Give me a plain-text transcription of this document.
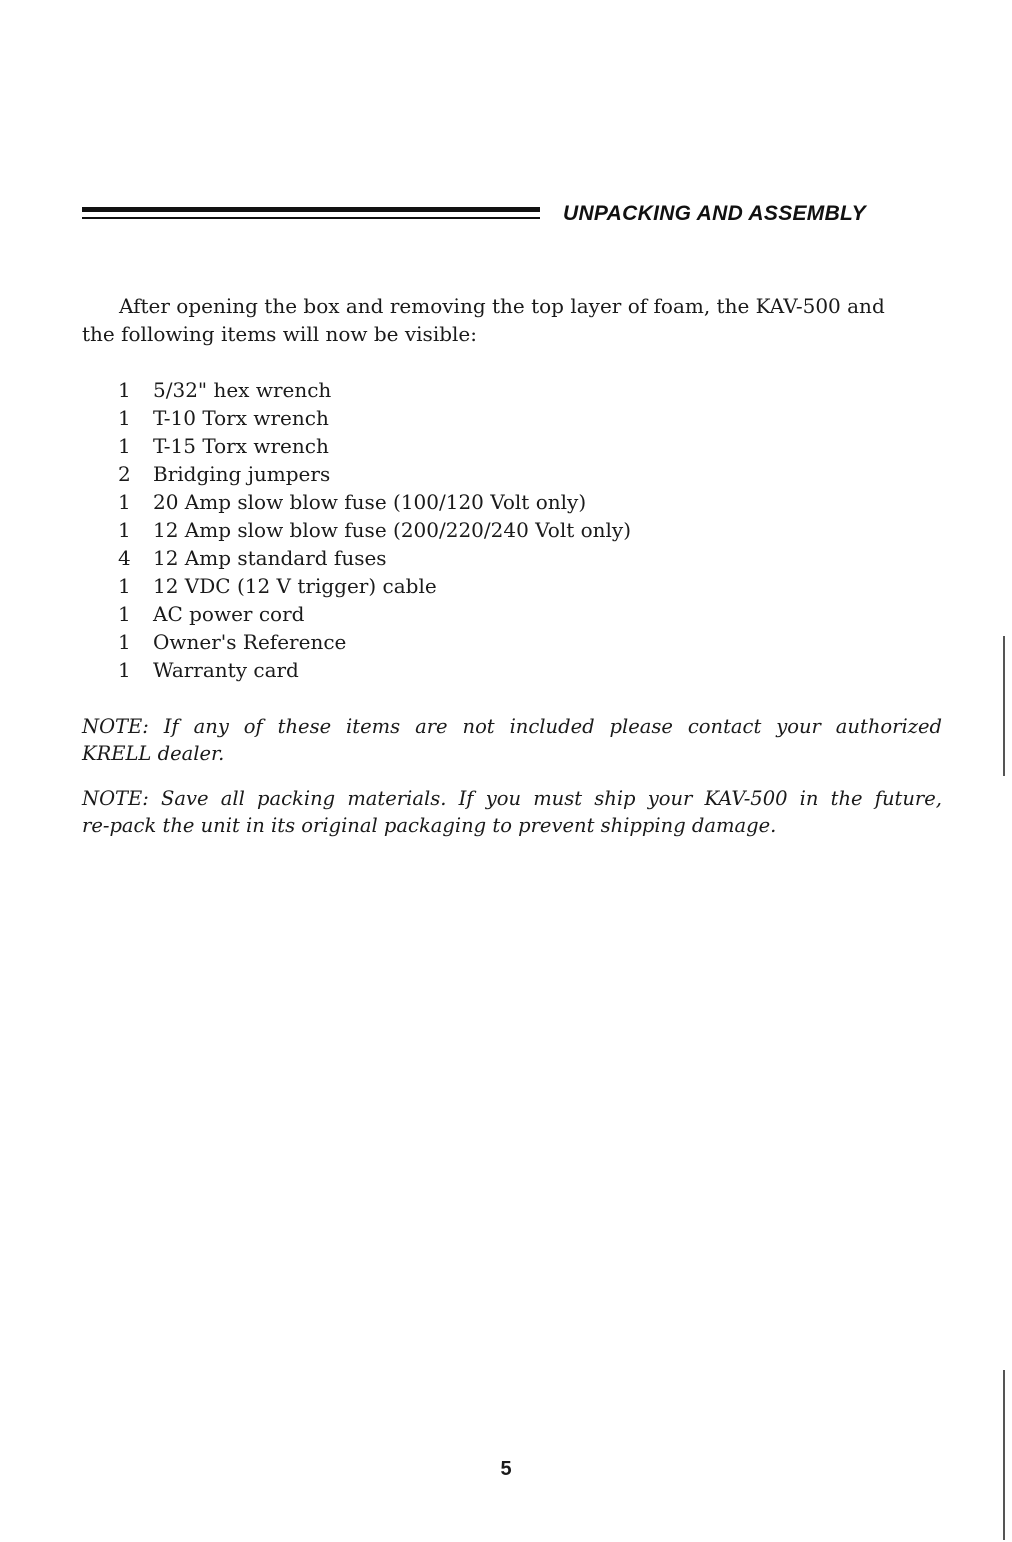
UNPACKING AND ASSEMBLY
After opening the box and removing the top layer of foam, the KAV-500 and
the following items will now be visible:
1 5/32" hex wrench
1 T-10 Torx wrench
1 T-15 Torx wrench
2 Bridging jumpers
1 20 Amp slow blow fuse (100/120 Volt only)
1 12 Amp slow blow fuse (200/220/240 Volt only)
4 12 Amp standard fuses
1 12 VDC (12 V trigger) cable
1 AC power cord
1 Owner's Reference
1 Warranty card
NOTE: If any of these items are not included please contact your authorized
KRELL dealer.
NOTE: Save all packing materials. If you must ship your KAV-500 in the future,
re-pack the unit in its original packaging to prevent shipping damage.
5
